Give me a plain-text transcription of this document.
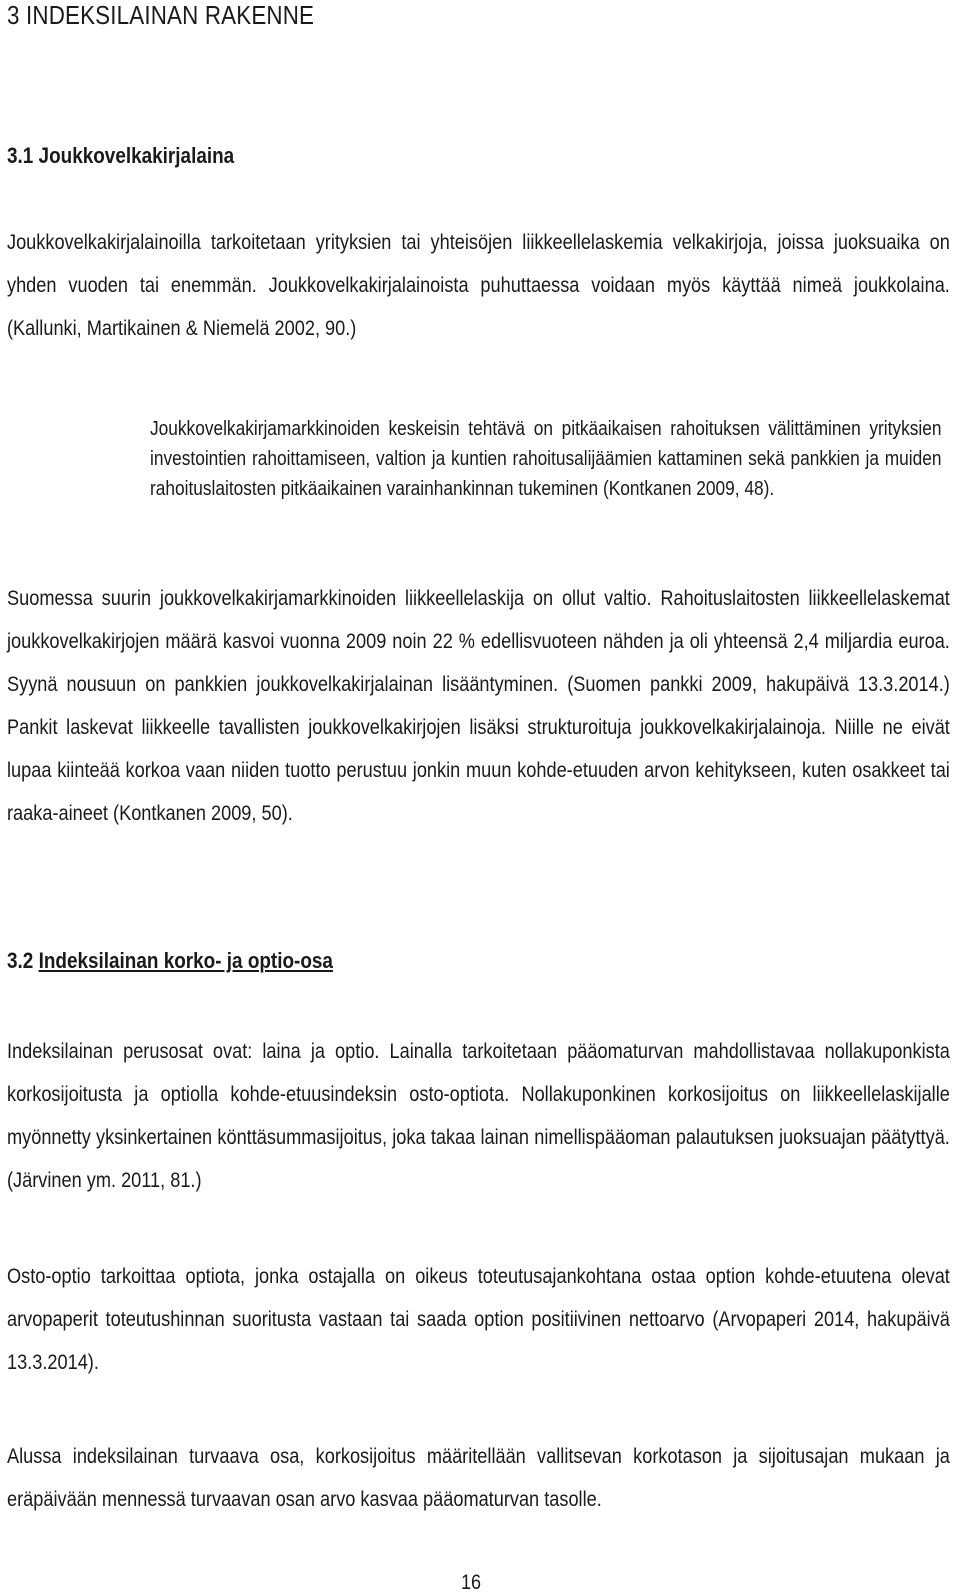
3 INDEKSILAINAN RAKENNE
3.1 Joukkovelkakirjalaina

Joukkovelkakirjalainoilla tarkoitetaan yrityksien tai yhteisöjen liikkeellelaskemia velkakirjoja, joissa juoksuaika on yhden vuoden tai enemmän. Joukkovelkakirjalainoista puhuttaessa voidaan myös käyttää nimeä joukkolaina. (Kallunki, Martikainen & Niemelä 2002, 90.)

Joukkovelkakirjamarkkinoiden keskeisin tehtävä on pitkäaikaisen rahoituksen välittäminen yrityksien investointien rahoittamiseen, valtion ja kuntien rahoitusalijäämien kattaminen sekä pankkien ja muiden rahoituslaitosten pitkäaikainen varainhankinnan tukeminen (Kontkanen 2009, 48).

Suomessa suurin joukkovelkakirjamarkkinoiden liikkeellelaskija on ollut valtio. Rahoituslaitosten liikkeellelaskemat joukkovelkakirjojen määrä kasvoi vuonna 2009 noin 22 % edellisvuoteen nähden ja oli yhteensä 2,4 miljardia euroa. Syynä nousuun on pankkien joukkovelkakirjalainan lisääntyminen. (Suomen pankki 2009, hakupäivä 13.3.2014.) Pankit laskevat liikkeelle tavallisten joukkovelkakirjojen lisäksi strukturoituja joukkovelkakirjalainoja. Niille ne eivät lupaa kiinteää korkoa vaan niiden tuotto perustuu jonkin muun kohde-etuuden arvon kehitykseen, kuten osakkeet tai raaka-aineet (Kontkanen 2009, 50).

3.2 Indeksilainan korko- ja optio-osa

Indeksilainan perusosat ovat: laina ja optio. Lainalla tarkoitetaan pääomaturvan mahdollistavaa nollakuponkista korkosijoitusta ja optiolla kohde-etuusindeksin osto-optiota. Nollakuponkinen korkosijoitus on liikkeellelaskijalle myönnetty yksinkertainen könttäsummasijoitus, joka takaa lainan nimellispääoman palautuksen juoksuajan päätyttyä. (Järvinen ym. 2011, 81.)

Osto-optio tarkoittaa optiota, jonka ostajalla on oikeus toteutusajankohtana ostaa option kohde-etuutena olevat arvopaperit toteutushinnan suoritusta vastaan tai saada option positiivinen nettoarvo (Arvopaperi 2014, hakupäivä 13.3.2014).

Alussa indeksilainan turvaava osa, korkosijoitus määritellään vallitsevan korkotason ja sijoitusajan mukaan ja eräpäivään mennessä turvaavan osan arvo kasvaa pääomaturvan tasolle.

16
